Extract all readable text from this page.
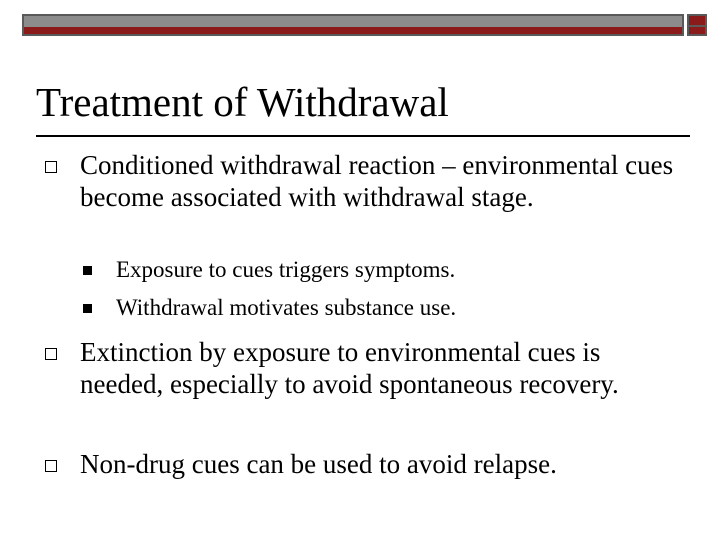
Treatment of Withdrawal
Conditioned withdrawal reaction – environmental cues become associated with withdrawal stage.
Exposure to cues triggers symptoms.
Withdrawal motivates substance use.
Extinction by exposure to environmental cues is needed, especially to avoid spontaneous recovery.
Non-drug cues can be used to avoid relapse.
